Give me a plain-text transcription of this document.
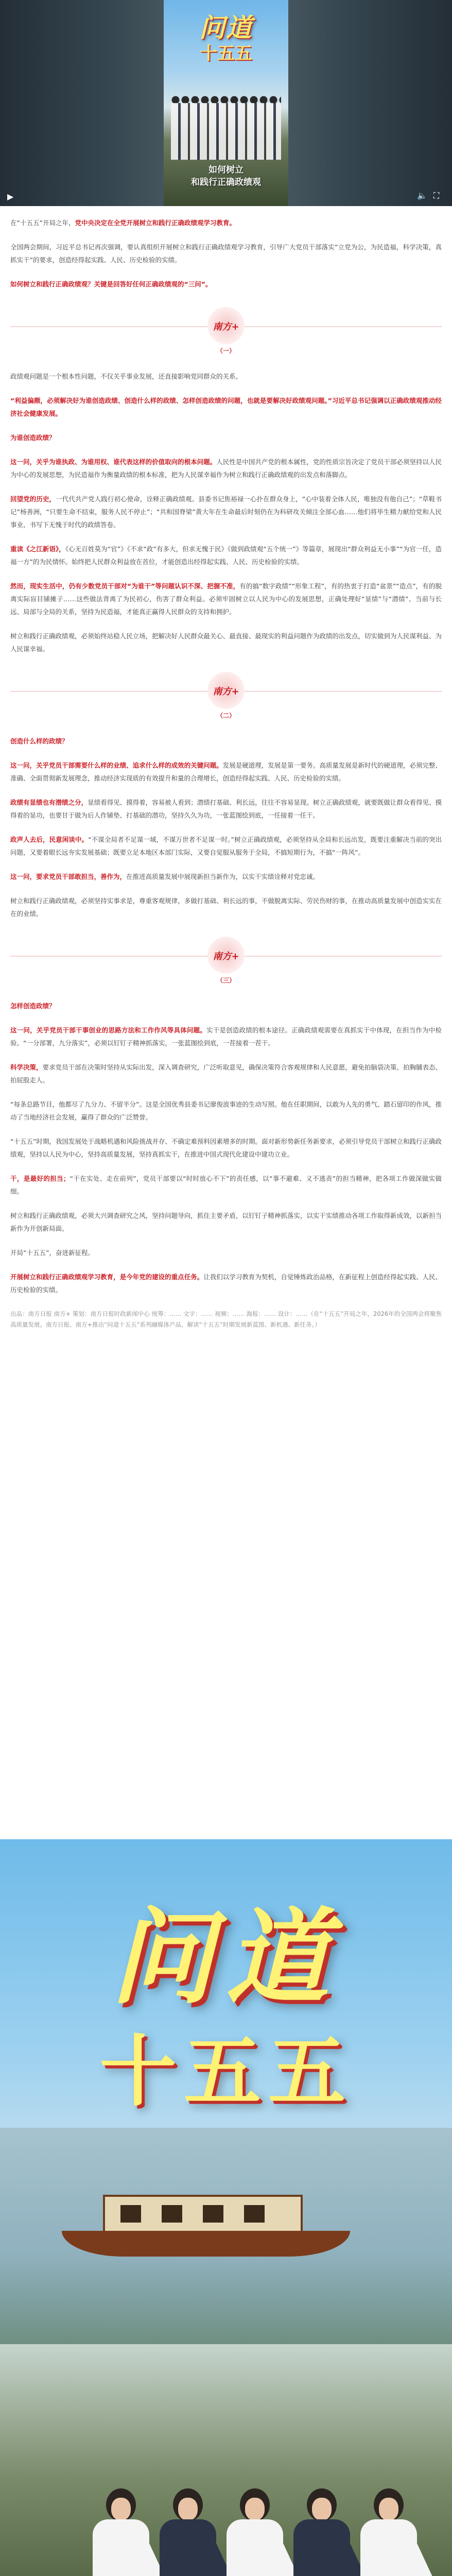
问道
十五五
如何树立
和践行正确政绩观
▶	🔈 ⛶

在“十五五”开局之年，党中央决定在全党开展树立和践行正确政绩观学习教育。

全国两会期间，习近平总书记再次强调，要认真组织开展树立和践行正确政绩观学习教育，引导广大党员干部落实“立党为公，为民造福，科学决策，真抓实干”的要求，创造经得起实践、人民、历史检验的实绩。

如何树立和践行正确政绩观？关键是回答好任何正确政绩观的“三问”。

南方+
（一）

政绩观问题是一个根本性问题，不仅关乎事业发展，还直接影响党同群众的关系。

“利益偏颇，必须解决好为谁创造政绩、创造什么样的政绩、怎样创造政绩的问题，也就是要解决好政绩观问题。”习近平总书记强调以正确政绩观推动经济社会健康发展。

为谁创造政绩？

这一问，关乎为谁执政、为谁用权、谁代表这样的价值取向的根本问题。人民性是中国共产党的根本属性，党的性质宗旨决定了党员干部必须坚持以人民为中心的发展思想，为民造福作为衡量政绩的根本标准，把为人民谋幸福作为树立和践行正确政绩观的出发点和落脚点。

回望党的历史，一代代共产党人践行初心使命，诠释正确政绩观。县委书记焦裕禄一心扑在群众身上，“心中装着全体人民，唯独没有他自己”；“草鞋书记”杨善洲，“只要生命不结束，服务人民不停止”；“共和国脊梁”黄大年在生命最后时刻仍在为科研攻关倾注全部心血……他们将毕生精力献给党和人民事业，书写下无愧于时代的政绩答卷。

重读《之江新语》，《心无百姓莫为“官”》《不求“政”有多大，但求无愧于民》《做到政绩观“五个统一”》等篇章，展现出“群众利益无小事”“为官一任，造福一方”的为民情怀。始终把人民群众利益放在首位，才能创造出经得起实践、人民、历史检验的实绩。

然而，现实生活中，仍有少数党员干部对“为谁干”等问题认识不深、把握不准，有的搞“数字政绩”“形象工程”，有的热衷于打造“盆景”“造点”，有的脱离实际盲目铺摊子……这些做法背离了为民初心，伤害了群众利益。必须牢固树立以人民为中心的发展思想，正确处理好“显绩”与“潜绩”、当前与长远、局部与全局的关系，坚持为民造福，才能真正赢得人民群众的支持和拥护。

树立和践行正确政绩观，必须始终站稳人民立场，把解决好人民群众最关心、最直接、最现实的利益问题作为政绩的出发点，切实做到为人民谋利益、为人民谋幸福。

南方+
（二）

创造什么样的政绩？

这一问，关乎党员干部需要什么样的业绩、追求什么样的成效的关键问题。发展是硬道理，发展是第一要务。高质量发展是新时代的硬道理，必须完整、准确、全面贯彻新发展理念，推动经济实现质的有效提升和量的合理增长，创造经得起实践、人民、历史检验的实绩。

政绩有显绩也有潜绩之分，显绩看得见、摸得着，容易被人看到；潜绩打基础、利长远，往往不容易显现。树立正确政绩观，就要既做让群众看得见、摸得着的显功，也要甘于做为后人作铺垫、打基础的潜功，坚持久久为功，一张蓝图绘到底，一任接着一任干。

政声人去后，民意闲谈中。“不谋全局者不足谋一域，不谋万世者不足谋一时。”树立正确政绩观，必须坚持从全局和长远出发，既要注重解决当前的突出问题，又要着眼长远夯实发展基础；既要立足本地区本部门实际，又要自觉服从服务于全局，不搞短期行为，不搞“一阵风”。

这一问，要求党员干部敢担当，善作为，在推进高质量发展中展现新担当新作为，以实干实绩诠释对党忠诚。

树立和践行正确政绩观，必须坚持实事求是，尊重客观规律，多做打基础、利长远的事，不做脱离实际、劳民伤财的事，在推动高质量发展中创造实实在在的业绩。

南方+
（三）

怎样创造政绩？

这一问，关乎党员干部干事创业的思路方法和工作作风等具体问题。实干是创造政绩的根本途径。正确政绩观需要在真抓实干中体现，在担当作为中检验。“一分部署，九分落实”，必须以钉钉子精神抓落实，一张蓝图绘到底，一茬接着一茬干。

科学决策，要求党员干部在决策时坚持从实际出发，深入调查研究，广泛听取意见，确保决策符合客观规律和人民意愿，避免拍脑袋决策、拍胸脯表态、拍屁股走人。

“每条总路节目，他都尽了九分力、不留半分”。这是全国优秀县委书记廖俊波事迹的生动写照。他在任职期间，以敢为人先的勇气、踏石留印的作风，推动了当地经济社会发展，赢得了群众的广泛赞誉。

“十五五”时期，我国发展处于战略机遇和风险挑战并存、不确定难预料因素增多的时期。面对新形势新任务新要求，必须引导党员干部树立和践行正确政绩观，坚持以人民为中心，坚持高质量发展，坚持真抓实干，在推进中国式现代化建设中建功立业。

干，是最好的担当；“干在实处、走在前列”，党员干部要以“时时放心不下”的责任感，以“事不避难、义不逃责”的担当精神，把各项工作做深做实做细。

树立和践行正确政绩观，必须大兴调查研究之风，坚持问题导向，抓住主要矛盾，以钉钉子精神抓落实，以实干实绩推动各项工作取得新成效，以新担当新作为开创新局面。

开局“十五五”，奋进新征程。

开展树立和践行正确政绩观学习教育，是今年党的建设的重点任务。让我们以学习教育为契机，自觉锤炼政治品格，在新征程上创造经得起实践、人民、历史检验的实绩。

出品：南方日报 南方+ 策划：南方日报时政新闻中心 统筹：…… 文字：…… 视频：…… 海报：…… 设计：……（在“十五五”开局之年，2026年的全国两会将聚焦高质量发展。南方日报、南方+推出“问道十五五”系列融媒体产品，解读“十五五”时期发展新蓝图、新机遇、新任务。）

问道
十五五
